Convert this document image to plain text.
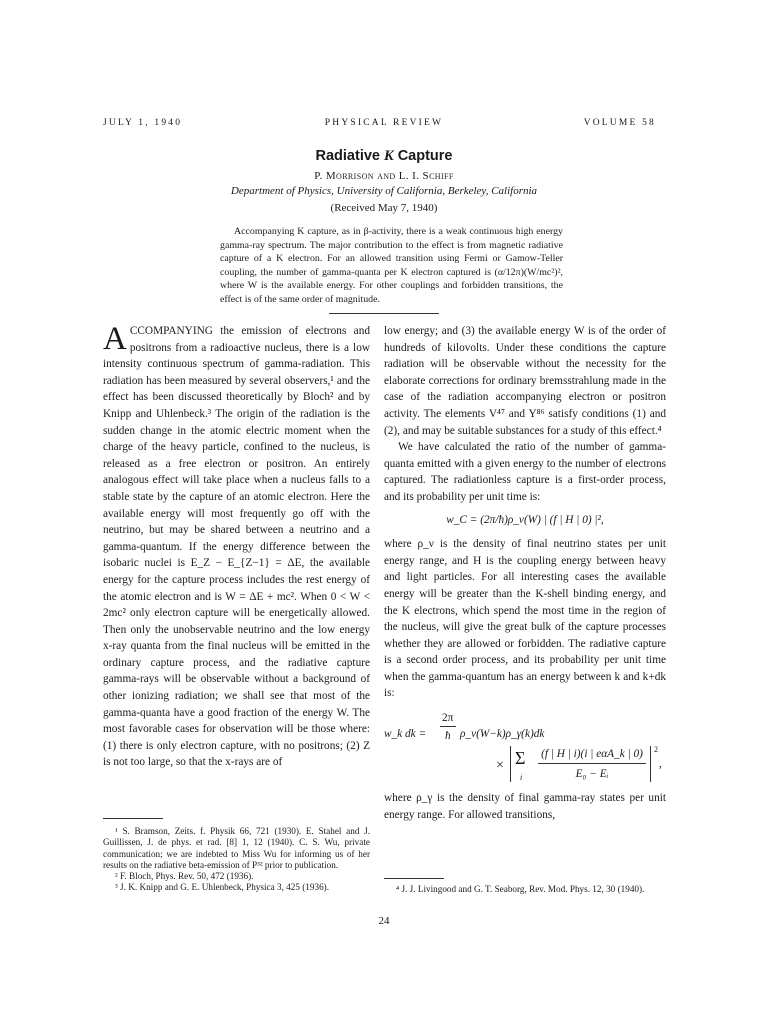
JULY 1, 1940	PHYSICAL REVIEW	VOLUME 58
Radiative K Capture
P. Morrison and L. I. Schiff
Department of Physics, University of California, Berkeley, California
(Received May 7, 1940)

Accompanying K capture, as in β-activity, there is a weak continuous high energy gamma-ray spectrum. The major contribution to the effect is from magnetic radiative capture of a K electron. For an allowed transition using Fermi or Gamow-Teller coupling, the number of gamma-quanta per K electron captured is (α/12π)(W/mc²)², where W is the available energy. For other couplings and forbidden transitions, the effect is of the same order of magnitude.

ACCOMPANYING the emission of electrons and positrons from a radioactive nucleus, there is a low intensity continuous spectrum of gamma-radiation. This radiation has been measured by several observers,¹ and the effect has been discussed theoretically by Bloch² and by Knipp and Uhlenbeck.³ The origin of the radiation is the sudden change in the atomic electric moment when the charge of the heavy particle, confined to the nucleus, is released as a free electron or positron. An entirely analogous effect will take place when a nucleus falls to a stable state by the capture of an atomic electron. Here the available energy will most frequently go off with the neutrino, but may be shared between a neutrino and a gamma-quantum. If the energy difference between the isobaric nuclei is E_Z − E_{Z−1} = ΔE, the available energy for the capture process includes the rest energy of the atomic electron and is W = ΔE + mc². When 0 < W < 2mc² only electron capture will be energetically allowed. Then only the unobservable neutrino and the low energy x-ray quanta from the final nucleus will be emitted in the ordinary capture process, and the radiative capture gamma-rays will be observable without a background of other ionizing radiation; we shall see that most of the gamma-quanta have a good fraction of the energy W. The most favorable cases for observation will be those where: (1) there is only electron capture, with no positrons; (2) Z is not too large, so that the x-rays are of

low energy; and (3) the available energy W is of the order of hundreds of kilovolts. Under these conditions the capture radiation will be observable without the necessity for the elaborate corrections for ordinary bremsstrahlung made in the case of the radiation accompanying electron or positron activity. The elements V⁴⁷ and Y⁸⁶ satisfy conditions (1) and (2), and may be suitable substances for a study of this effect.⁴

We have calculated the ratio of the number of gamma-quanta emitted with a given energy to the number of electrons captured. The radiationless capture is a first-order process, and its probability per unit time is:

w_C = (2π/ħ)ρ_ν(W) | (f | H | 0) |²,

where ρ_ν is the density of final neutrino states per unit energy range, and H is the coupling energy between heavy and light particles. For all interesting cases the available energy will be greater than the K-shell binding energy, and the K electrons, which spend the most time in the region of the nucleus, will give the great bulk of the capture processes whether they are allowed or forbidden. The radiative capture is a second order process, and its probability per unit time when the gamma-quantum has an energy between k and k+dk is:

w_k dk =
2π
ħ ρ_ν(W−k)ρ_γ(k)dk
× Σ
i
(f | H | i)(i | eαA_k | 0)
E₀ − Eᵢ
2
,

where ρ_γ is the density of final gamma-ray states per unit energy range. For allowed transitions,

¹ S. Bramson, Zeits. f. Physik 66, 721 (1930). E. Stahel and J. Guillissen, J. de phys. et rad. [8] 1, 12 (1940). C. S. Wu, private communication; we are indebted to Miss Wu for informing us of her results on the radiative beta-emission of P³² prior to publication.

² F. Bloch, Phys. Rev. 50, 472 (1936).

³ J. K. Knipp and G. E. Uhlenbeck, Physica 3, 425 (1936).	⁴ J. J. Livingood and G. T. Seaborg, Rev. Mod. Phys. 12, 30 (1940).

24
